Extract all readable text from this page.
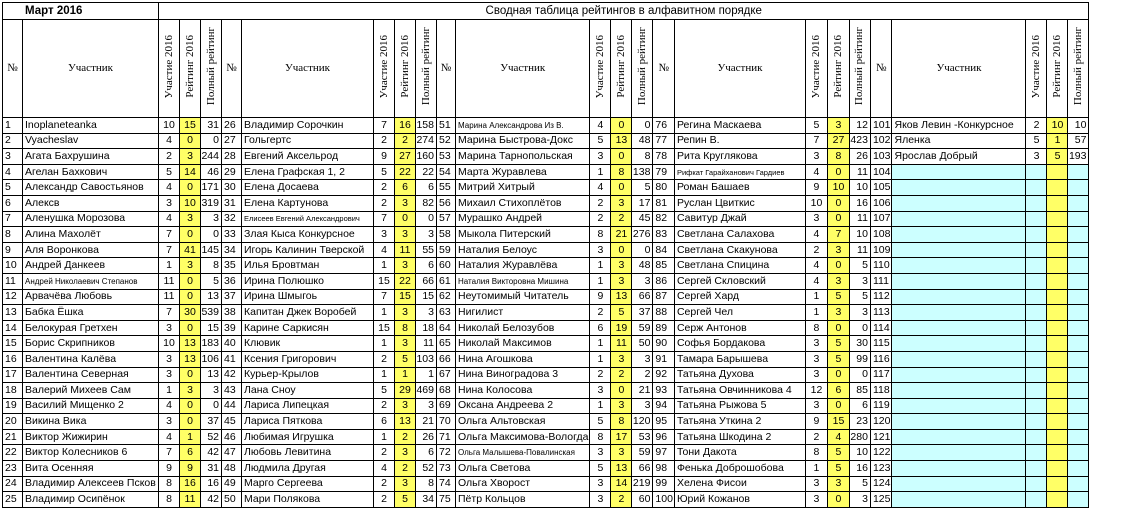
Март 2016		Сводная таблица рейтингов в алфавитном порядке																						
№	Участник	Участие 2016	Рейтинг 2016	Полный рейтинг	№	Участник	Участие 2016	Рейтинг 2016	Полный рейтинг	№	Участник	Участие 2016	Рейтинг 2016	Полный рейтинг	№	Участник	Участие 2016	Рейтинг 2016	Полный рейтинг	№	Участник	Участие 2016	Рейтинг 2016	Полный рейтинг
1	Inoplaneteanka	10	15	31	26	Владимир Сорочкин	7	16	158	51	Марина Александрова Из В.	4	0	0	76	Регина Маскаева	5	3	12	101	Яков Левин -Конкурсное	2	10	10
2	Vyacheslav	4	0	0	27	Гольгертс	2	2	274	52	Марина Быстрова-Докс	5	13	48	77	Репин В.	7	27	423	102	Яленка	5	1	57
3	Агата Бахрушина	2	3	244	28	Евгений Аксельрод	9	27	160	53	Марина Тарнопольская	3	0	8	78	Рита Круглякова	3	8	26	103	Ярослав Добрый	3	5	193
4	Агелан Бахкович	5	14	46	29	Елена Графская 1, 2	5	22	22	54	Марта Журавлева	1	8	138	79	Рифкат Гарайханович Гардиев	4	0	11	104				
5	Александр Савостьянов	4	0	171	30	Елена Досаева	2	6	6	55	Митрий Хитрый	4	0	5	80	Роман Башаев	9	10	10	105				
6	Алексв	3	10	319	31	Елена Картунова	2	3	82	56	Михаил Стихоплётов	2	3	17	81	Руслан Цвиткис	10	0	16	106				
7	Аленушка Морозова	4	3	3	32	Елисеев Евгений Александрович	7	0	0	57	Мурашко Андрей	2	2	45	82	Савитур Джай	3	0	11	107				
8	Алина Махолёт	7	0	0	33	Злая Кыса Конкурсное	3	3	3	58	Мыкола Питерский	8	21	276	83	Светлана Салахова	4	7	10	108				
9	Аля Воронкова	7	41	145	34	Игорь Калинин Тверской	4	11	55	59	Наталия Белоус	3	0	0	84	Светлана Скакунова	2	3	11	109				
10	Андрей Данкеев	1	3	8	35	Илья Бровтман	1	3	6	60	Наталия Журавлёва	1	3	48	85	Светлана Спицина	4	0	5	110				
11	Андрей Николаевич Степанов	11	0	5	36	Ирина Полюшко	15	22	66	61	Наталия Викторовна Мишина	1	3	3	86	Сергей Скловский	4	3	3	111				
12	Арвачёва Любовь	11	0	13	37	Ирина Шмыгоь	7	15	15	62	Неутомимый Читатель	9	13	66	87	Сергей Хард	1	5	5	112				
13	Бабка Ёшка	7	30	539	38	Капитан Джек Воробей	1	3	3	63	Нигилист	2	5	37	88	Сергей Чел	1	3	3	113				
14	Белокурая Гретхен	3	0	15	39	Карине Саркисян	15	8	18	64	Николай Белозубов	6	19	59	89	Серж Антонов	8	0	0	114				
15	Борис Скрипников	10	13	183	40	Клювик	1	3	11	65	Николай Максимов	1	11	50	90	Софья Бордакова	3	5	30	115				
16	Валентина Калёва	3	13	106	41	Ксения Григорович	2	5	103	66	Нина Агошкова	1	3	3	91	Тамара Барышева	3	5	99	116				
17	Валентина Северная	3	0	13	42	Курьер-Крылов	1	1	1	67	Нина Виноградова 3	2	2	2	92	Татьяна Духова	3	0	0	117				
18	Валерий Михеев Сам	1	3	3	43	Лана Сноу	5	29	469	68	Нина Колосова	3	0	21	93	Татьяна Овчинникова 4	12	6	85	118				
19	Василий Мищенко 2	4	0	0	44	Лариса Липецкая	2	3	3	69	Оксана Андреева 2	1	3	3	94	Татьяна Рыжова 5	3	0	6	119				
20	Викина Вика	3	0	37	45	Лариса Пяткова	6	13	21	70	Ольга Альтовская	5	8	120	95	Татьяна Уткина 2	9	15	23	120				
21	Виктор Жижирин	4	1	52	46	Любимая Игрушка	1	2	26	71	Ольга Максимова-Вологда	8	17	53	96	Татьяна Шкодина 2	2	4	280	121				
22	Виктор Колесников 6	7	6	42	47	Любовь Левитина	2	3	6	72	Ольга Малышева-Повалинская	3	3	59	97	Тони Дакота	8	5	10	122				
23	Вита Осенняя	9	9	31	48	Людмила Другая	4	2	52	73	Ольга Светова	5	13	66	98	Фенька Доброшобова	1	5	16	123				
24	Владимир Алексеев Псков	8	16	16	49	Марго Сергеева	2	3	8	74	Ольга Хворост	3	14	219	99	Хелена Фисои	3	3	5	124				
25	Владимир Осипёнок	8	11	42	50	Мари Полякова	2	5	34	75	Пётр Кольцов	3	2	60	100	Юрий Кожанов	3	0	3	125				
